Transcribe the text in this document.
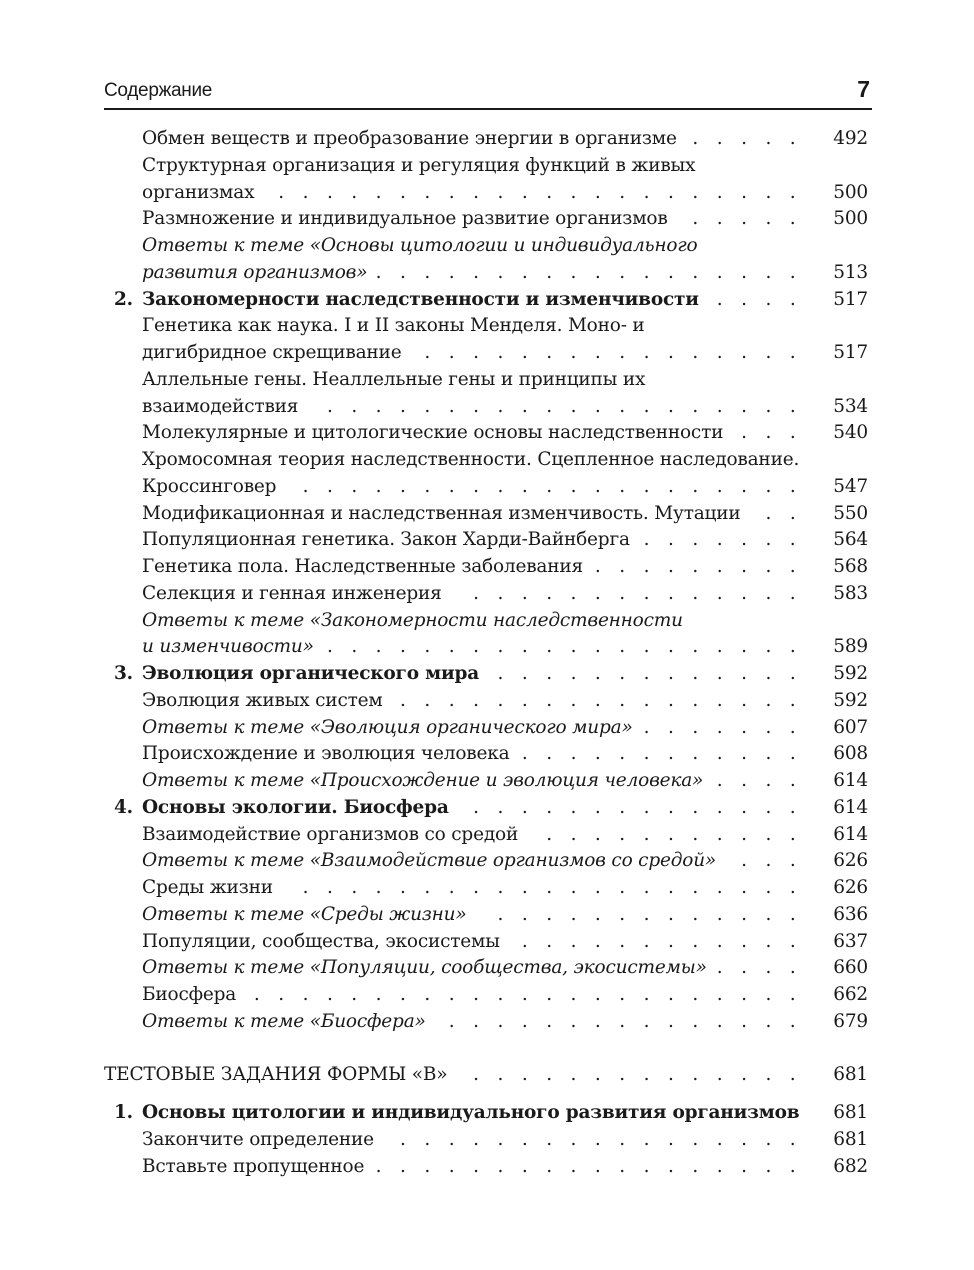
Содержание	7
Обмен веществ и преобразование энергии в организме . . . . . 492
Структурная организация и регуляция функций в живых
организмах . . . . . . . . . . . . . . . . . . . . . . 500
Размножение и индивидуальное развитие организмов . . . . . 500
Ответы к теме «Основы цитологии и индивидуального
развития организмов» . . . . . . . . . . . . . . . . . . 513
2. Закономерности наследственности и изменчивости . . . . 517
Генетика как наука. I и II законы Менделя. Моно- и
дигибридное скрещивание . . . . . . . . . . . . . . . . 517
Аллельные гены. Неаллельные гены и принципы их
взаимодействия . . . . . . . . . . . . . . . . . . . . 534
Молекулярные и цитологические основы наследственности . . . 540
Хромосомная теория наследственности. Сцепленное наследование.
Кроссинговер . . . . . . . . . . . . . . . . . . . . . 547
Модификационная и наследственная изменчивость. Мутации . . 550
Популяционная генетика. Закон Харди-Вайнберга . . . . . . . 564
Генетика пола. Наследственные заболевания . . . . . . . . . 568
Селекция и генная инженерия . . . . . . . . . . . . . . 583
Ответы к теме «Закономерности наследственности
и изменчивости» . . . . . . . . . . . . . . . . . . . . 589
3. Эволюция органического мира . . . . . . . . . . . . . 592
Эволюция живых систем . . . . . . . . . . . . . . . . . 592
Ответы к теме «Эволюция органического мира» . . . . . . . 607
Происхождение и эволюция человека . . . . . . . . . . . . 608
Ответы к теме «Происхождение и эволюция человека» . . . . 614
4. Основы экологии. Биосфера . . . . . . . . . . . . . . 614
Взаимодействие организмов со средой . . . . . . . . . . . 614
Ответы к теме «Взаимодействие организмов со средой» . . . 626
Среды жизни . . . . . . . . . . . . . . . . . . . . . 626
Ответы к теме «Среды жизни» . . . . . . . . . . . . . 636
Популяции, сообщества, экосистемы . . . . . . . . . . . . 637
Ответы к теме «Популяции, сообщества, экосистемы» . . . . 660
Биосфера . . . . . . . . . . . . . . . . . . . . . . . 662
Ответы к теме «Биосфера» . . . . . . . . . . . . . . . 679
ТЕСТОВЫЕ ЗАДАНИЯ ФОРМЫ «В» . . . . . . . . . . . . . . 681
1. Основы цитологии и индивидуального развития организмов 681
Закончите определение . . . . . . . . . . . . . . . . . 681
Вставьте пропущенное . . . . . . . . . . . . . . . . . . 682
